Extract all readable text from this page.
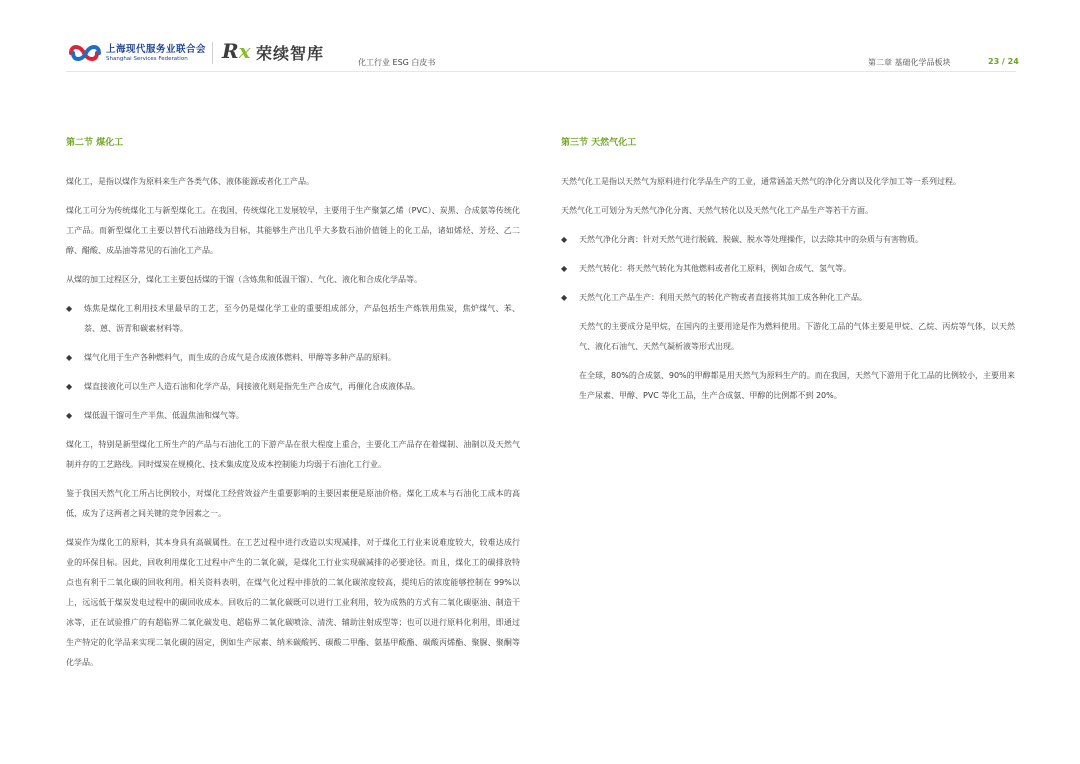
上海现代服务业联合会
Shanghai Services Federation	Rx 荣续智库	化工行业 ESG 白皮书	第二章 基础化学品板块	23 / 24
第二节 煤化工

煤化工，是指以煤作为原料来生产各类气体、液体能源或者化工产品。

煤化工可分为传统煤化工与新型煤化工。在我国，传统煤化工发展较早，主要用于生产聚氯乙烯（PVC）、炭黑、合成氨等传统化工产品。而新型煤化工主要以替代石油路线为目标，其能够生产出几乎大多数石油价值链上的化工品，诸如烯烃、芳烃、乙二醇、醋酸、成品油等常见的石油化工产品。

从煤的加工过程区分，煤化工主要包括煤的干馏（含炼焦和低温干馏）、气化、液化和合成化学品等。

◆	炼焦是煤化工利用技术里最早的工艺，至今仍是煤化学工业的重要组成部分，产品包括生产炼铁用焦炭，焦炉煤气、苯、萘、蒽、沥青和碳素材料等。
◆	煤气化用于生产各种燃料气，而生成的合成气是合成液体燃料、甲醇等多种产品的原料。
◆	煤直接液化可以生产人造石油和化学产品，间接液化则是指先生产合成气，再催化合成液体品。
◆	煤低温干馏可生产半焦、低温焦油和煤气等。

煤化工，特别是新型煤化工所生产的产品与石油化工的下游产品在很大程度上重合，主要化工产品存在着煤制、油制以及天然气制并存的工艺路线。同时煤炭在规模化、技术集成度及成本控制能力均弱于石油化工行业。

鉴于我国天然气化工所占比例较小，对煤化工经营效益产生重要影响的主要因素便是原油价格。煤化工成本与石油化工成本的高低，成为了这两者之间关键的竞争因素之一。

煤炭作为煤化工的原料，其本身具有高碳属性。在工艺过程中进行改造以实现减排，对于煤化工行业来说难度较大，较难达成行业的环保目标。因此，回收利用煤化工过程中产生的二氧化碳，是煤化工行业实现碳减排的必要途径。而且，煤化工的碳排放特点也有利于二氧化碳的回收利用。相关资料表明，在煤气化过程中排放的二氧化碳浓度较高，提纯后的浓度能够控制在 99%以上，远远低于煤炭发电过程中的碳回收成本。回收后的二氧化碳既可以进行工业利用，较为成熟的方式有二氧化碳驱油、制造干冰等，正在试验推广的有超临界二氧化碳发电、超临界二氧化碳喷涂、清洗、辅助注射成型等；也可以进行原料化利用，即通过生产特定的化学品来实现二氧化碳的固定，例如生产尿素、纳米碳酸钙、碳酸二甲酯、氨基甲酸酯、碳酸丙烯酯、聚脲、聚酮等化学品。

第三节 天然气化工

天然气化工是指以天然气为原料进行化学品生产的工业，通常涵盖天然气的净化分离以及化学加工等一系列过程。

天然气化工可划分为天然气净化分离、天然气转化以及天然气化工产品生产等若干方面。

◆	天然气净化分离：针对天然气进行脱硫、脱碳、脱水等处理操作，以去除其中的杂质与有害物质。
◆	天然气转化：将天然气转化为其他燃料或者化工原料，例如合成气、氢气等。
◆	天然气化工产品生产：利用天然气的转化产物或者直接将其加工成各种化工产品。

天然气的主要成分是甲烷，在国内的主要用途是作为燃料使用。下游化工品的气体主要是甲烷、乙烷、丙烷等气体，以天然气、液化石油气、天然气凝析液等形式出现。

在全球，80%的合成氨、90%的甲醇都是用天然气为原料生产的。而在我国，天然气下游用于化工品的比例较小，主要用来生产尿素、甲醇、PVC 等化工品，生产合成氨、甲醇的比例都不到 20%。
